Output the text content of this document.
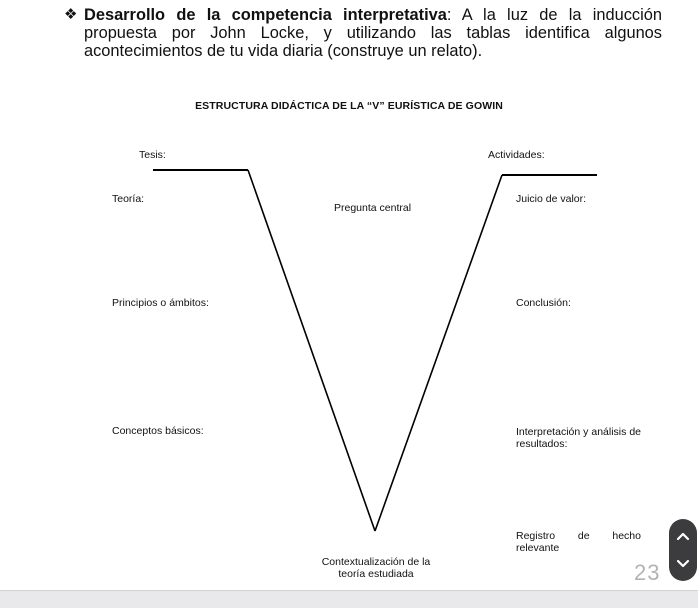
❖ Desarrollo de la competencia interpretativa: A la luz de la inducción propuesta por John Locke, y utilizando las tablas identifica algunos acontecimientos de tu vida diaria (construye un relato).
ESTRUCTURA DIDÁCTICA DE LA “V” EURÍSTICA DE GOWIN
Tesis:
Teoría:
Principios o ámbitos:
Conceptos básicos:
Pregunta central
Contextualización de la teoría estudiada
Actividades:
Juicio de valor:
Conclusión:
Interpretación y análisis de resultados:
Registro de hecho relevante
23
